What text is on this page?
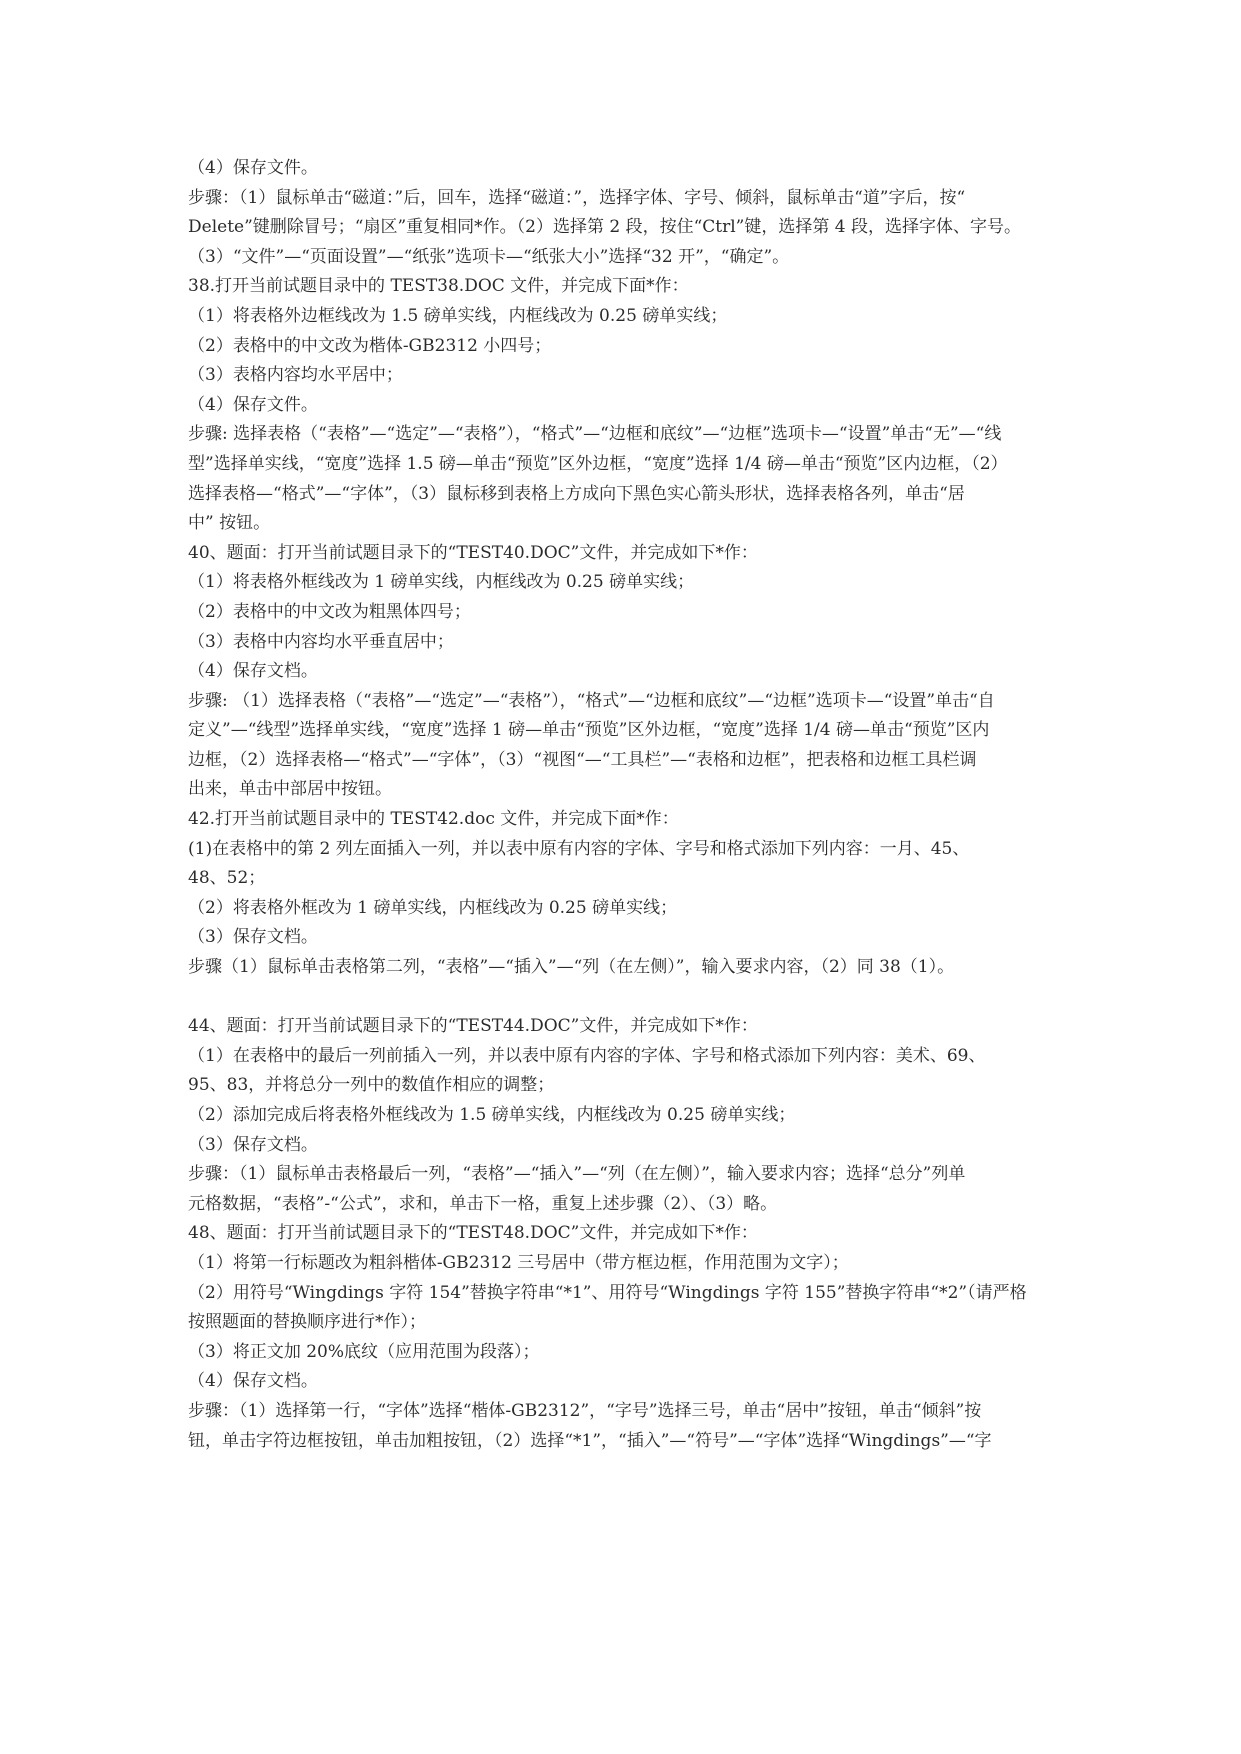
（4）保存文件。
步骤：（1）鼠标单击“磁道：”后，回车，选择“磁道：”，选择字体、字号、倾斜，鼠标单击“道”字后，按“
Delete”键删除冒号；“扇区”重复相同*作。（2）选择第 2 段，按住“Ctrl”键，选择第 4 段，选择字体、字号。
（3）“文件”—“页面设置”—“纸张”选项卡—“纸张大小”选择“32 开”，“确定”。
38.打开当前试题目录中的 TEST38.DOC 文件，并完成下面*作：
（1）将表格外边框线改为 1.5 磅单实线，内框线改为 0.25 磅单实线；
（2）表格中的中文改为楷体-GB2312 小四号；
（3）表格内容均水平居中；
（4）保存文件。
步骤: 选择表格（“表格”—“选定”—“表格”），“格式”—“边框和底纹”—“边框”选项卡—“设置”单击“无”—“线
型”选择单实线，“宽度”选择 1.5 磅—单击“预览”区外边框，“宽度”选择 1/4 磅—单击“预览”区内边框，（2）
选择表格—“格式”—“字体”，（3）鼠标移到表格上方成向下黑色实心箭头形状，选择表格各列，单击“居
中” 按钮。
40、题面：打开当前试题目录下的“TEST40.DOC”文件，并完成如下*作：
（1）将表格外框线改为 1 磅单实线，内框线改为 0.25 磅单实线；
（2）表格中的中文改为粗黑体四号；
（3）表格中内容均水平垂直居中；
（4）保存文档。
步骤: （1）选择表格（“表格”—“选定”—“表格”），“格式”—“边框和底纹”—“边框”选项卡—“设置”单击“自
定义”—“线型”选择单实线，“宽度”选择 1 磅—单击“预览”区外边框，“宽度”选择 1/4 磅—单击“预览”区内
边框，（2）选择表格—“格式”—“字体”，（3）“视图“—“工具栏”—“表格和边框”，把表格和边框工具栏调
出来，单击中部居中按钮。
42.打开当前试题目录中的 TEST42.doc 文件，并完成下面*作：
(1)在表格中的第 2 列左面插入一列，并以表中原有内容的字体、字号和格式添加下列内容：一月、45、
48、52；
（2）将表格外框改为 1 磅单实线，内框线改为 0.25 磅单实线；
（3）保存文档。
步骤（1）鼠标单击表格第二列，“表格”—“插入”—“列（在左侧）”，输入要求内容，（2）同 38（1）。
44、题面：打开当前试题目录下的“TEST44.DOC”文件，并完成如下*作：
（1）在表格中的最后一列前插入一列，并以表中原有内容的字体、字号和格式添加下列内容：美术、69、
95、83，并将总分一列中的数值作相应的调整；
（2）添加完成后将表格外框线改为 1.5 磅单实线，内框线改为 0.25 磅单实线；
（3）保存文档。
步骤：（1）鼠标单击表格最后一列，“表格”—“插入”—“列（在左侧）”，输入要求内容；选择“总分”列单
元格数据，“表格”-“公式”，求和，单击下一格，重复上述步骤（2）、（3）略。
48、题面：打开当前试题目录下的“TEST48.DOC”文件，并完成如下*作：
（1）将第一行标题改为粗斜楷体-GB2312 三号居中（带方框边框，作用范围为文字）；
（2）用符号“Wingdings 字符 154”替换字符串“*1”、用符号“Wingdings 字符 155”替换字符串“*2”（请严格
按照题面的替换顺序进行*作）；
（3）将正文加 20%底纹（应用范围为段落）；
（4）保存文档。
步骤：（1）选择第一行，“字体”选择“楷体-GB2312”，“字号”选择三号，单击“居中”按钮，单击“倾斜”按
钮，单击字符边框按钮，单击加粗按钮，（2）选择“*1”，“插入”—“符号”—“字体”选择“Wingdings”—“字
